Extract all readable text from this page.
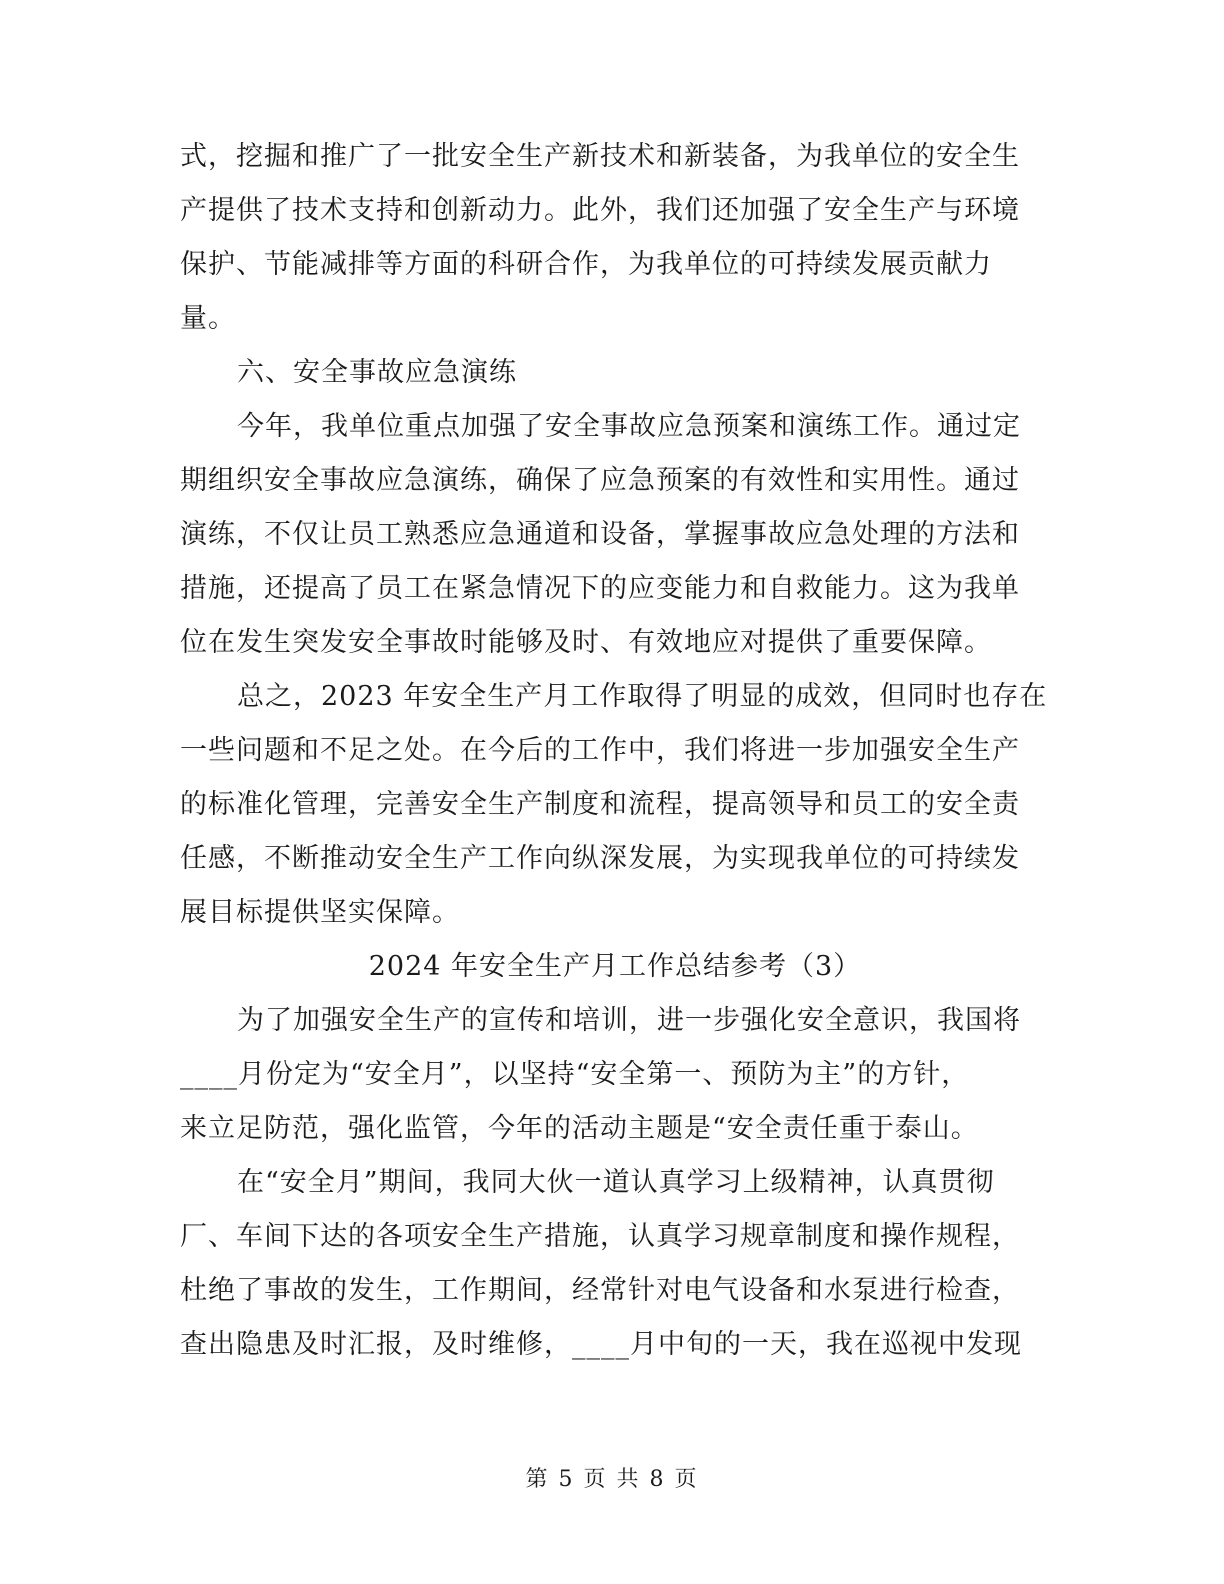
式，挖掘和推广了一批安全生产新技术和新装备，为我单位的安全生
产提供了技术支持和创新动力。此外，我们还加强了安全生产与环境
保护、节能减排等方面的科研合作，为我单位的可持续发展贡献力
量。
六、安全事故应急演练
今年，我单位重点加强了安全事故应急预案和演练工作。通过定
期组织安全事故应急演练，确保了应急预案的有效性和实用性。通过
演练，不仅让员工熟悉应急通道和设备，掌握事故应急处理的方法和
措施，还提高了员工在紧急情况下的应变能力和自救能力。这为我单
位在发生突发安全事故时能够及时、有效地应对提供了重要保障。
总之，2023 年安全生产月工作取得了明显的成效，但同时也存在
一些问题和不足之处。在今后的工作中，我们将进一步加强安全生产
的标准化管理，完善安全生产制度和流程，提高领导和员工的安全责
任感，不断推动安全生产工作向纵深发展，为实现我单位的可持续发
展目标提供坚实保障。
2024 年安全生产月工作总结参考（3）
为了加强安全生产的宣传和培训，进一步强化安全意识，我国将
____月份定为“安全月”，以坚持“安全第一、预防为主”的方针，
来立足防范，强化监管，今年的活动主题是“安全责任重于泰山。
在“安全月”期间，我同大伙一道认真学习上级精神，认真贯彻
厂、车间下达的各项安全生产措施，认真学习规章制度和操作规程，
杜绝了事故的发生，工作期间，经常针对电气设备和水泵进行检查，
查出隐患及时汇报，及时维修，____月中旬的一天，我在巡视中发现
第 5 页 共 8 页
